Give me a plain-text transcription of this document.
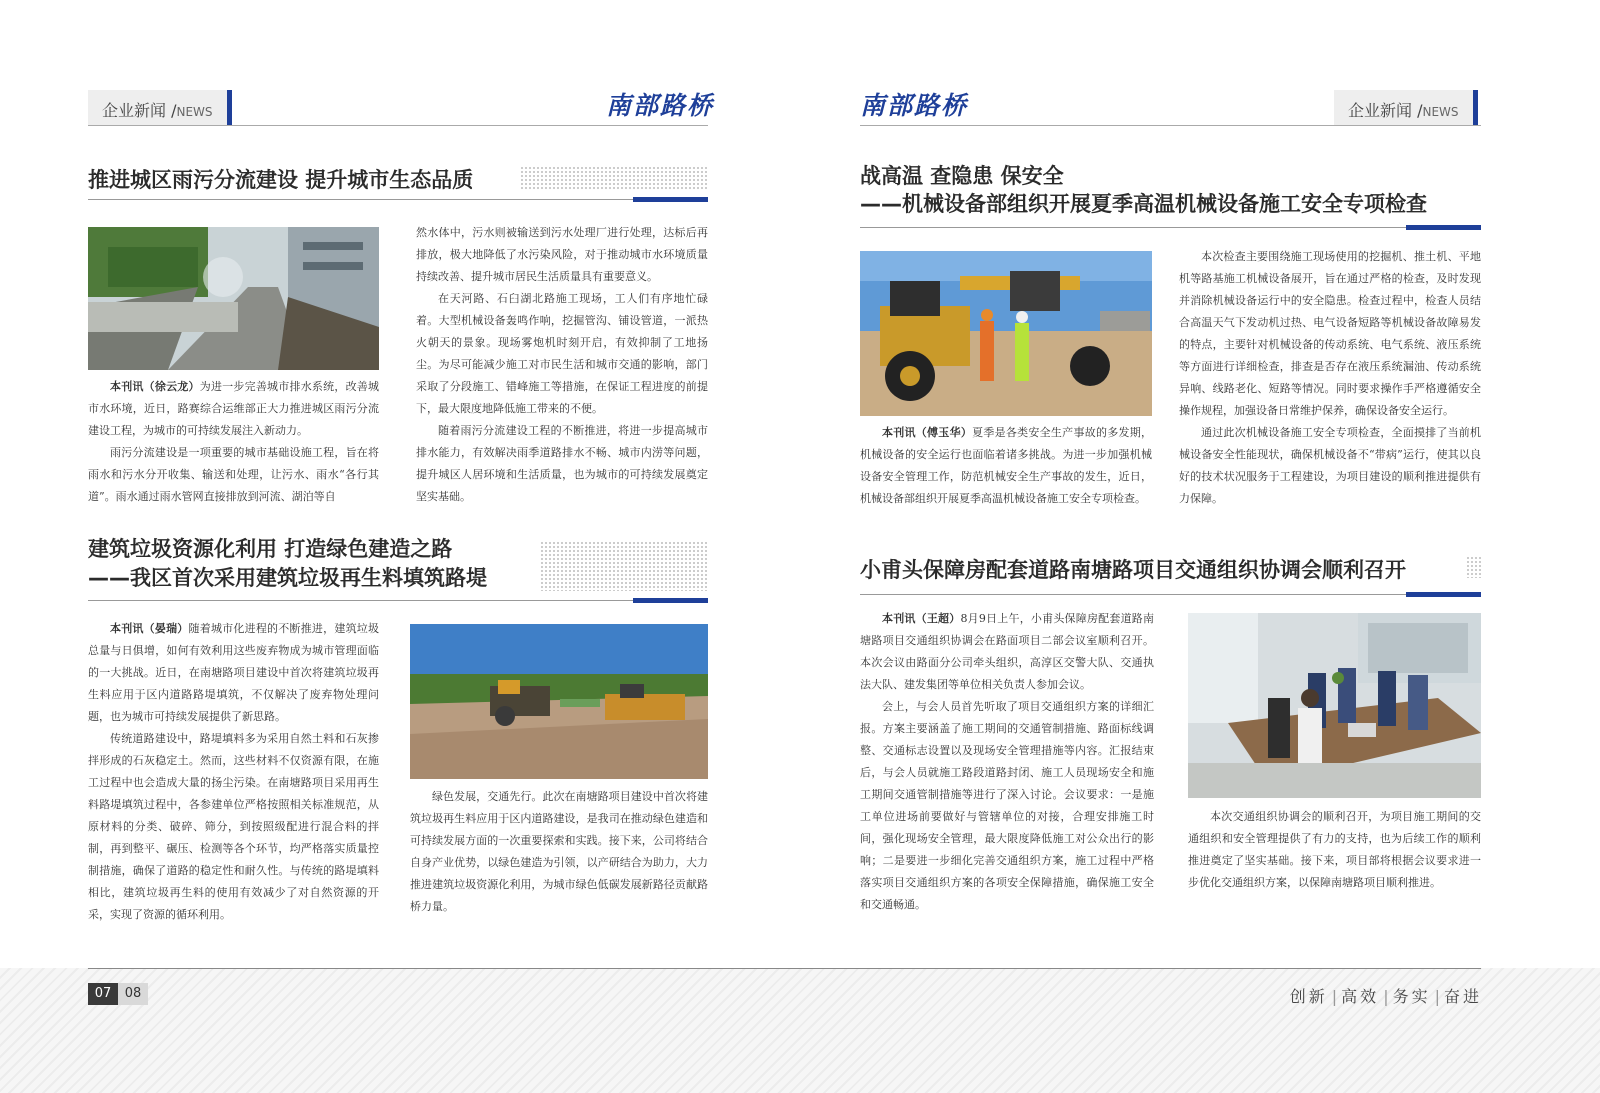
企业新闻 /NEWS	南部路桥
推进城区雨污分流建设 提升城市生态品质

本刊讯（徐云龙）为进一步完善城市排水系统，改善城市水环境，近日，路赛综合运维部正大力推进城区雨污分流建设工程，为城市的可持续发展注入新动力。

雨污分流建设是一项重要的城市基础设施工程，旨在将雨水和污水分开收集、输送和处理，让污水、雨水“各行其道”。雨水通过雨水管网直接排放到河流、湖泊等自

然水体中，污水则被输送到污水处理厂进行处理，达标后再排放，极大地降低了水污染风险，对于推动城市水环境质量持续改善、提升城市居民生活质量具有重要意义。

在天河路、石臼湖北路施工现场，工人们有序地忙碌着。大型机械设备轰鸣作响，挖掘管沟、铺设管道，一派热火朝天的景象。现场雾炮机时刻开启，有效抑制了工地扬尘。为尽可能减少施工对市民生活和城市交通的影响，部门采取了分段施工、错峰施工等措施，在保证工程进度的前提下，最大限度地降低施工带来的不便。

随着雨污分流建设工程的不断推进，将进一步提高城市排水能力，有效解决雨季道路排水不畅、城市内涝等问题，提升城区人居环境和生活质量，也为城市的可持续发展奠定坚实基础。

建筑垃圾资源化利用 打造绿色建造之路
——我区首次采用建筑垃圾再生料填筑路堤

本刊讯（晏瑞）随着城市化进程的不断推进，建筑垃圾总量与日俱增，如何有效利用这些废弃物成为城市管理面临的一大挑战。近日，在南塘路项目建设中首次将建筑垃圾再生料应用于区内道路路堤填筑，不仅解决了废弃物处理问题，也为城市可持续发展提供了新思路。

传统道路建设中，路堤填料多为采用自然土料和石灰掺拌形成的石灰稳定土。然而，这些材料不仅资源有限，在施工过程中也会造成大量的扬尘污染。在南塘路项目采用再生料路堤填筑过程中，各参建单位严格按照相关标准规范，从原材料的分类、破碎、筛分，到按照级配进行混合料的拌制，再到整平、碾压、检测等各个环节，均严格落实质量控制措施，确保了道路的稳定性和耐久性。与传统的路堤填料相比，建筑垃圾再生料的使用有效减少了对自然资源的开采，实现了资源的循环利用。

绿色发展，交通先行。此次在南塘路项目建设中首次将建筑垃圾再生料应用于区内道路建设，是我司在推动绿色建造和可持续发展方面的一次重要探索和实践。接下来，公司将结合自身产业优势，以绿色建造为引领，以产研结合为助力，大力推进建筑垃圾资源化利用，为城市绿色低碳发展新路径贡献路桥力量。

南部路桥	企业新闻 /NEWS
战高温 查隐患 保安全
——机械设备部组织开展夏季高温机械设备施工安全专项检查

本刊讯（傅玉华）夏季是各类安全生产事故的多发期，机械设备的安全运行也面临着诸多挑战。为进一步加强机械设备安全管理工作，防范机械安全生产事故的发生，近日，机械设备部组织开展夏季高温机械设备施工安全专项检查。

本次检查主要围绕施工现场使用的挖掘机、推土机、平地机等路基施工机械设备展开，旨在通过严格的检查，及时发现并消除机械设备运行中的安全隐患。检查过程中，检查人员结合高温天气下发动机过热、电气设备短路等机械设备故障易发的特点，主要针对机械设备的传动系统、电气系统、液压系统等方面进行详细检查，排查是否存在液压系统漏油、传动系统异响、线路老化、短路等情况。同时要求操作手严格遵循安全操作规程，加强设备日常维护保养，确保设备安全运行。

通过此次机械设备施工安全专项检查，全面摸排了当前机械设备安全性能现状，确保机械设备不“带病”运行，使其以良好的技术状况服务于工程建设，为项目建设的顺利推进提供有力保障。

小甫头保障房配套道路南塘路项目交通组织协调会顺利召开

本刊讯（王超）8月9日上午，小甫头保障房配套道路南塘路项目交通组织协调会在路面项目二部会议室顺利召开。本次会议由路面分公司牵头组织，高淳区交警大队、交通执法大队、建发集团等单位相关负责人参加会议。

会上，与会人员首先听取了项目交通组织方案的详细汇报。方案主要涵盖了施工期间的交通管制措施、路面标线调整、交通标志设置以及现场安全管理措施等内容。汇报结束后，与会人员就施工路段道路封闭、施工人员现场安全和施工期间交通管制措施等进行了深入讨论。会议要求：一是施工单位进场前要做好与管辖单位的对接，合理安排施工时间，强化现场安全管理，最大限度降低施工对公众出行的影响；二是要进一步细化完善交通组织方案，施工过程中严格落实项目交通组织方案的各项安全保障措施，确保施工安全和交通畅通。

本次交通组织协调会的顺利召开，为项目施工期间的交通组织和安全管理提供了有力的支持，也为后续工作的顺利推进奠定了坚实基础。接下来，项目部将根据会议要求进一步优化交通组织方案，以保障南塘路项目顺利推进。

07	08	创新 | 高效 | 务实 | 奋进
